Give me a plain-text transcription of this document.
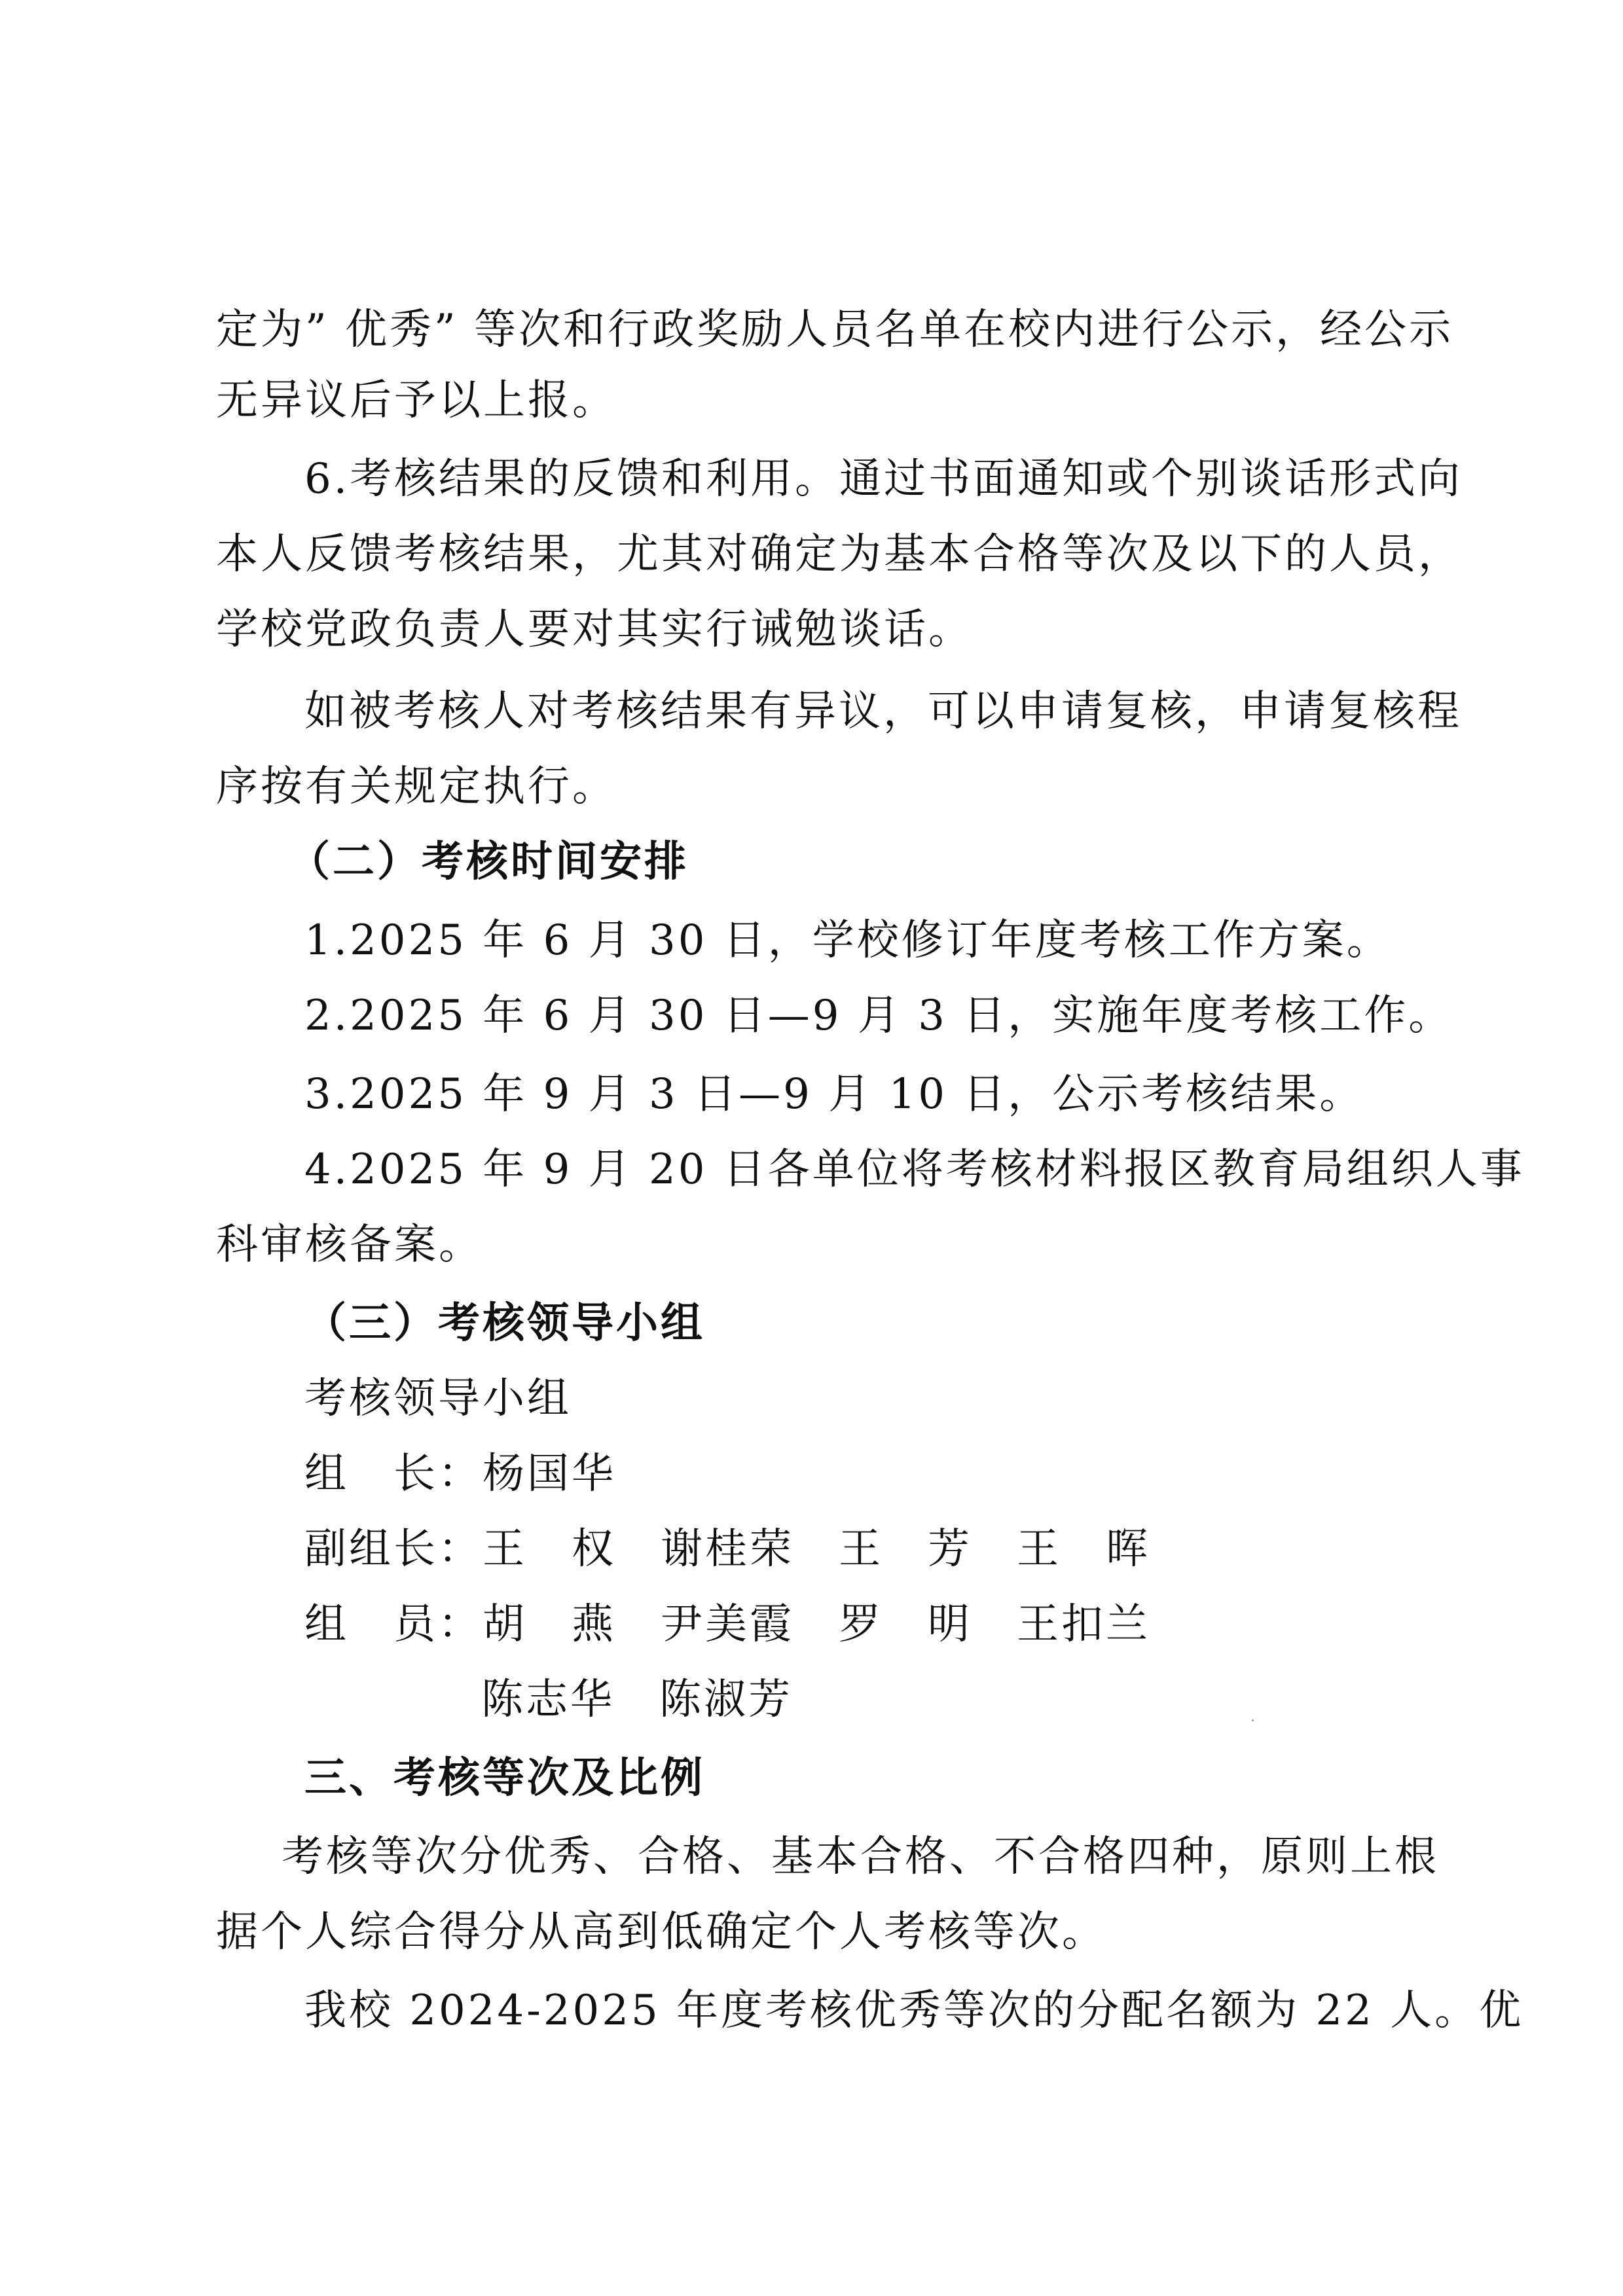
定为” 优秀” 等次和行政奖励人员名单在校内进行公示，经公示
无异议后予以上报。
6.考核结果的反馈和利用。通过书面通知或个别谈话形式向
本人反馈考核结果，尤其对确定为基本合格等次及以下的人员，
学校党政负责人要对其实行诫勉谈话。
如被考核人对考核结果有异议，可以申请复核，申请复核程
序按有关规定执行。
（二）考核时间安排
1.2025 年 6 月 30 日，学校修订年度考核工作方案。
2.2025 年 6 月 30 日—9 月 3 日，实施年度考核工作。
3.2025 年 9 月 3 日—9 月 10 日，公示考核结果。
4.2025 年 9 月 20 日各单位将考核材料报区教育局组织人事
科审核备案。
（三）考核领导小组
考核领导小组
组　长：杨国华
副组长：王　权　谢桂荣　王　芳　王　晖
组　员：胡　燕　尹美霞　罗　明　王扣兰
陈志华　陈淑芳
三、考核等次及比例
考核等次分优秀、合格、基本合格、不合格四种，原则上根
据个人综合得分从高到低确定个人考核等次。
我校 2024-2025 年度考核优秀等次的分配名额为 22 人。优
